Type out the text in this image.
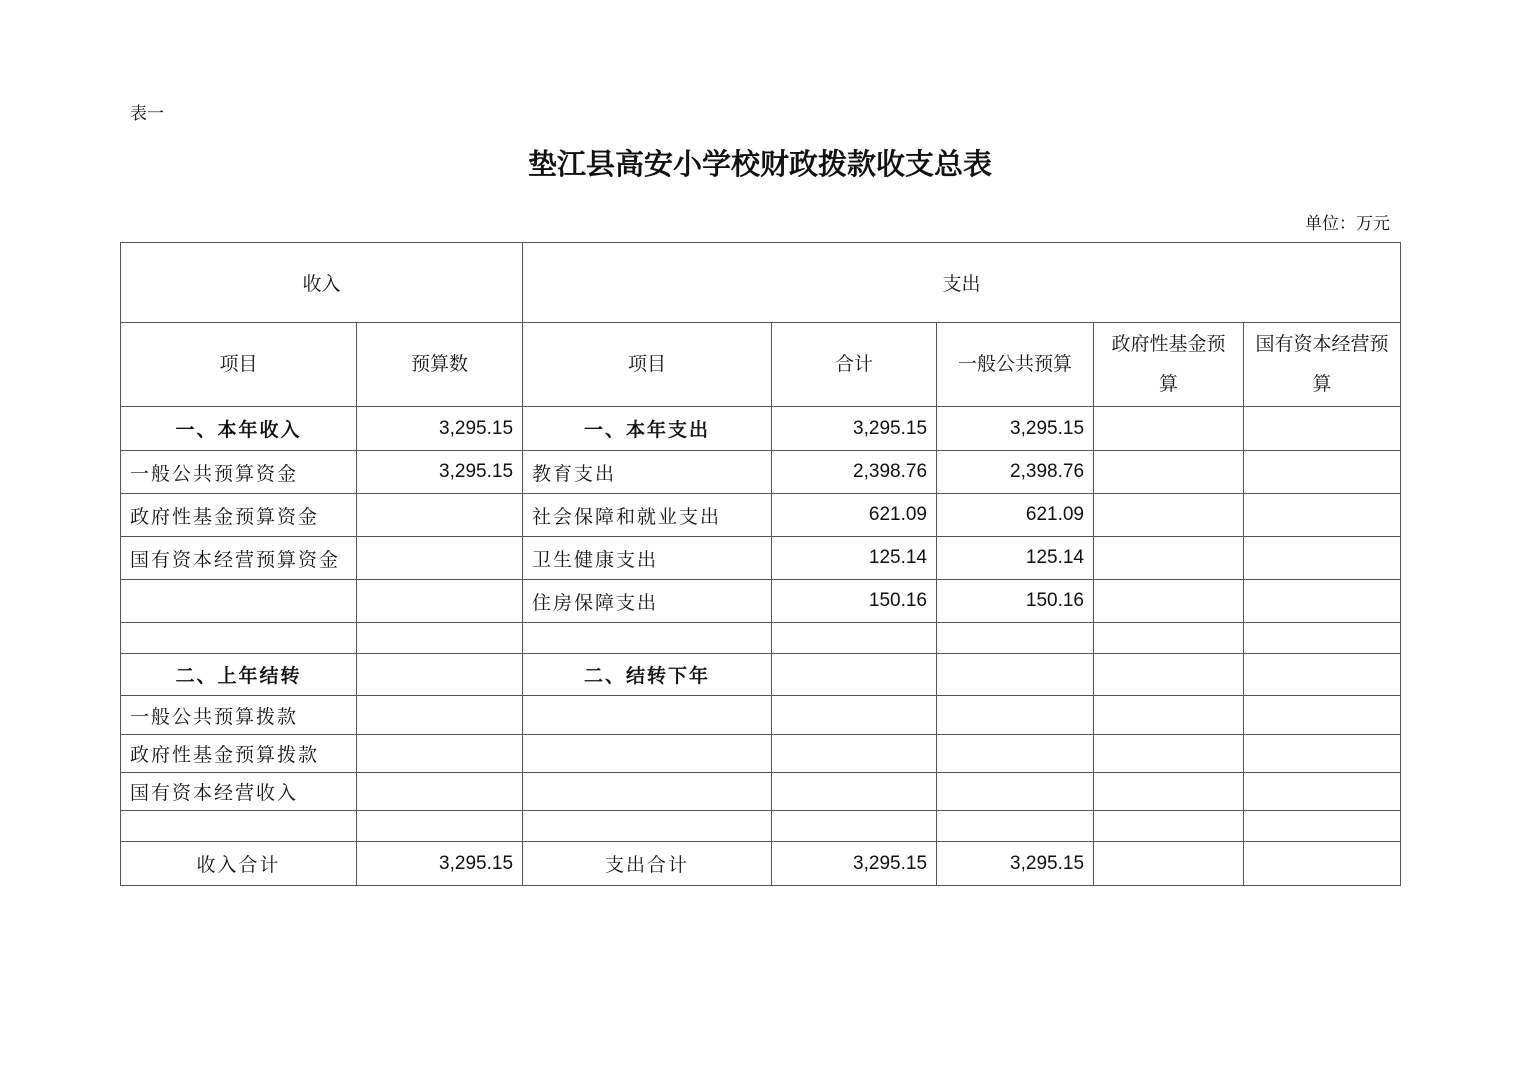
表一
垫江县高安小学校财政拨款收支总表
单位：万元
收入		支出				
项目	预算数	项目	合计	一般公共预算	政府性基金预算	国有资本经营预算
一、本年收入	3,295.15	一、本年支出	3,295.15	3,295.15		
一般公共预算资金	3,295.15	教育支出	2,398.76	2,398.76		
政府性基金预算资金		社会保障和就业支出	621.09	621.09		
国有资本经营预算资金		卫生健康支出	125.14	125.14		
		住房保障支出	150.16	150.16		

二、上年结转		二、结转下年				
一般公共预算拨款						
政府性基金预算拨款						
国有资本经营收入						

收入合计	3,295.15	支出合计	3,295.15	3,295.15		
